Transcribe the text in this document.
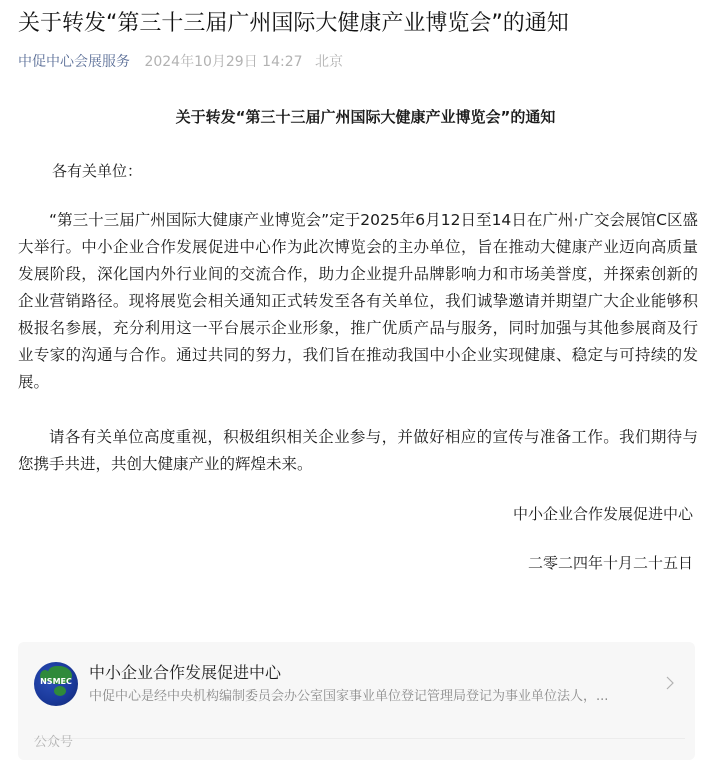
关于转发“第三十三届广州国际大健康产业博览会”的通知
中促中心会展服务 2024年10月29日 14:27 北京
关于转发“第三十三届广州国际大健康产业博览会”的通知
各有关单位：

“第三十三届广州国际大健康产业博览会”定于2025年6月12日至14日在广州·广交会展馆C区盛大举行。中小企业合作发展促进中心作为此次博览会的主办单位，旨在推动大健康产业迈向高质量发展阶段，深化国内外行业间的交流合作，助力企业提升品牌影响力和市场美誉度，并探索创新的企业营销路径。现将展览会相关通知正式转发至各有关单位，我们诚挚邀请并期望广大企业能够积极报名参展，充分利用这一平台展示企业形象，推广优质产品与服务，同时加强与其他参展商及行业专家的沟通与合作。通过共同的努力，我们旨在推动我国中小企业实现健康、稳定与可持续的发展。

请各有关单位高度重视，积极组织相关企业参与，并做好相应的宣传与准备工作。我们期待与您携手共进，共创大健康产业的辉煌未来。

中小企业合作发展促进中心
二零二四年十月二十五日
NSMEC	中小企业合作发展促进中心
中促中心是经中央机构编制委员会办公室国家事业单位登记管理局登记为事业单位法人，...
公众号
